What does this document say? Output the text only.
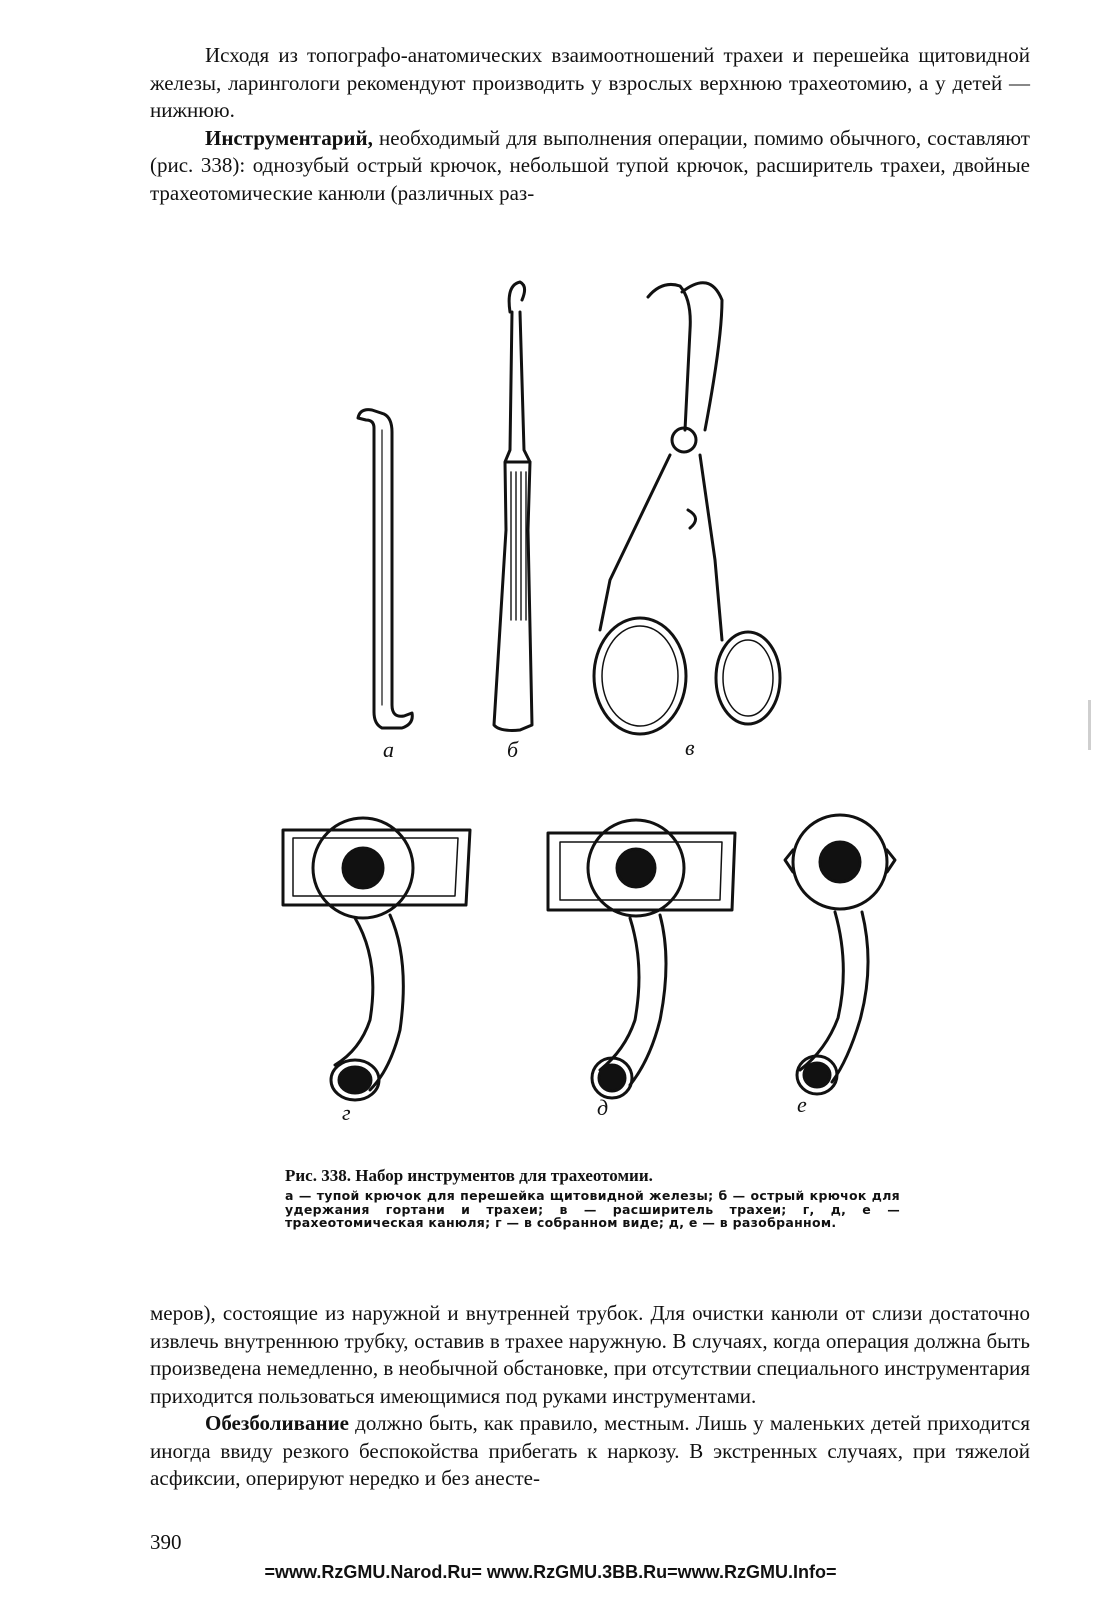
Исходя из топографо-анатомических взаимоотношений трахеи и перешейка щитовидной железы, ларингологи рекомендуют производить у взрослых верхнюю трахеотомию, а у детей — нижнюю.

Инструментарий, необходимый для выполнения операции, помимо обычного, составляют (рис. 338): однозубый острый крючок, небольшой тупой крючок, расширитель трахеи, двойные трахеотомические канюли (различных раз-

а	б	в
г	д	е

Рис. 338. Набор инструментов для трахеотомии.

а — тупой крючок для перешейка щитовидной железы; б — острый крючок для удержания гортани и трахеи; в — расширитель трахеи; г, д, е — трахеотомическая канюля; г — в собранном виде; д, е — в разобранном.

меров), состоящие из наружной и внутренней трубок. Для очистки канюли от слизи достаточно извлечь внутреннюю трубку, оставив в трахее наружную. В случаях, когда операция должна быть произведена немедленно, в необычной обстановке, при отсутствии специального инструментария приходится пользоваться имеющимися под руками инструментами.

Обезболивание должно быть, как правило, местным. Лишь у маленьких детей приходится иногда ввиду резкого беспокойства прибегать к наркозу. В экстренных случаях, при тяжелой асфиксии, оперируют нередко и без анесте-

390
=www.RzGMU.Narod.Ru= www.RzGMU.3BB.Ru=www.RzGMU.Info=
